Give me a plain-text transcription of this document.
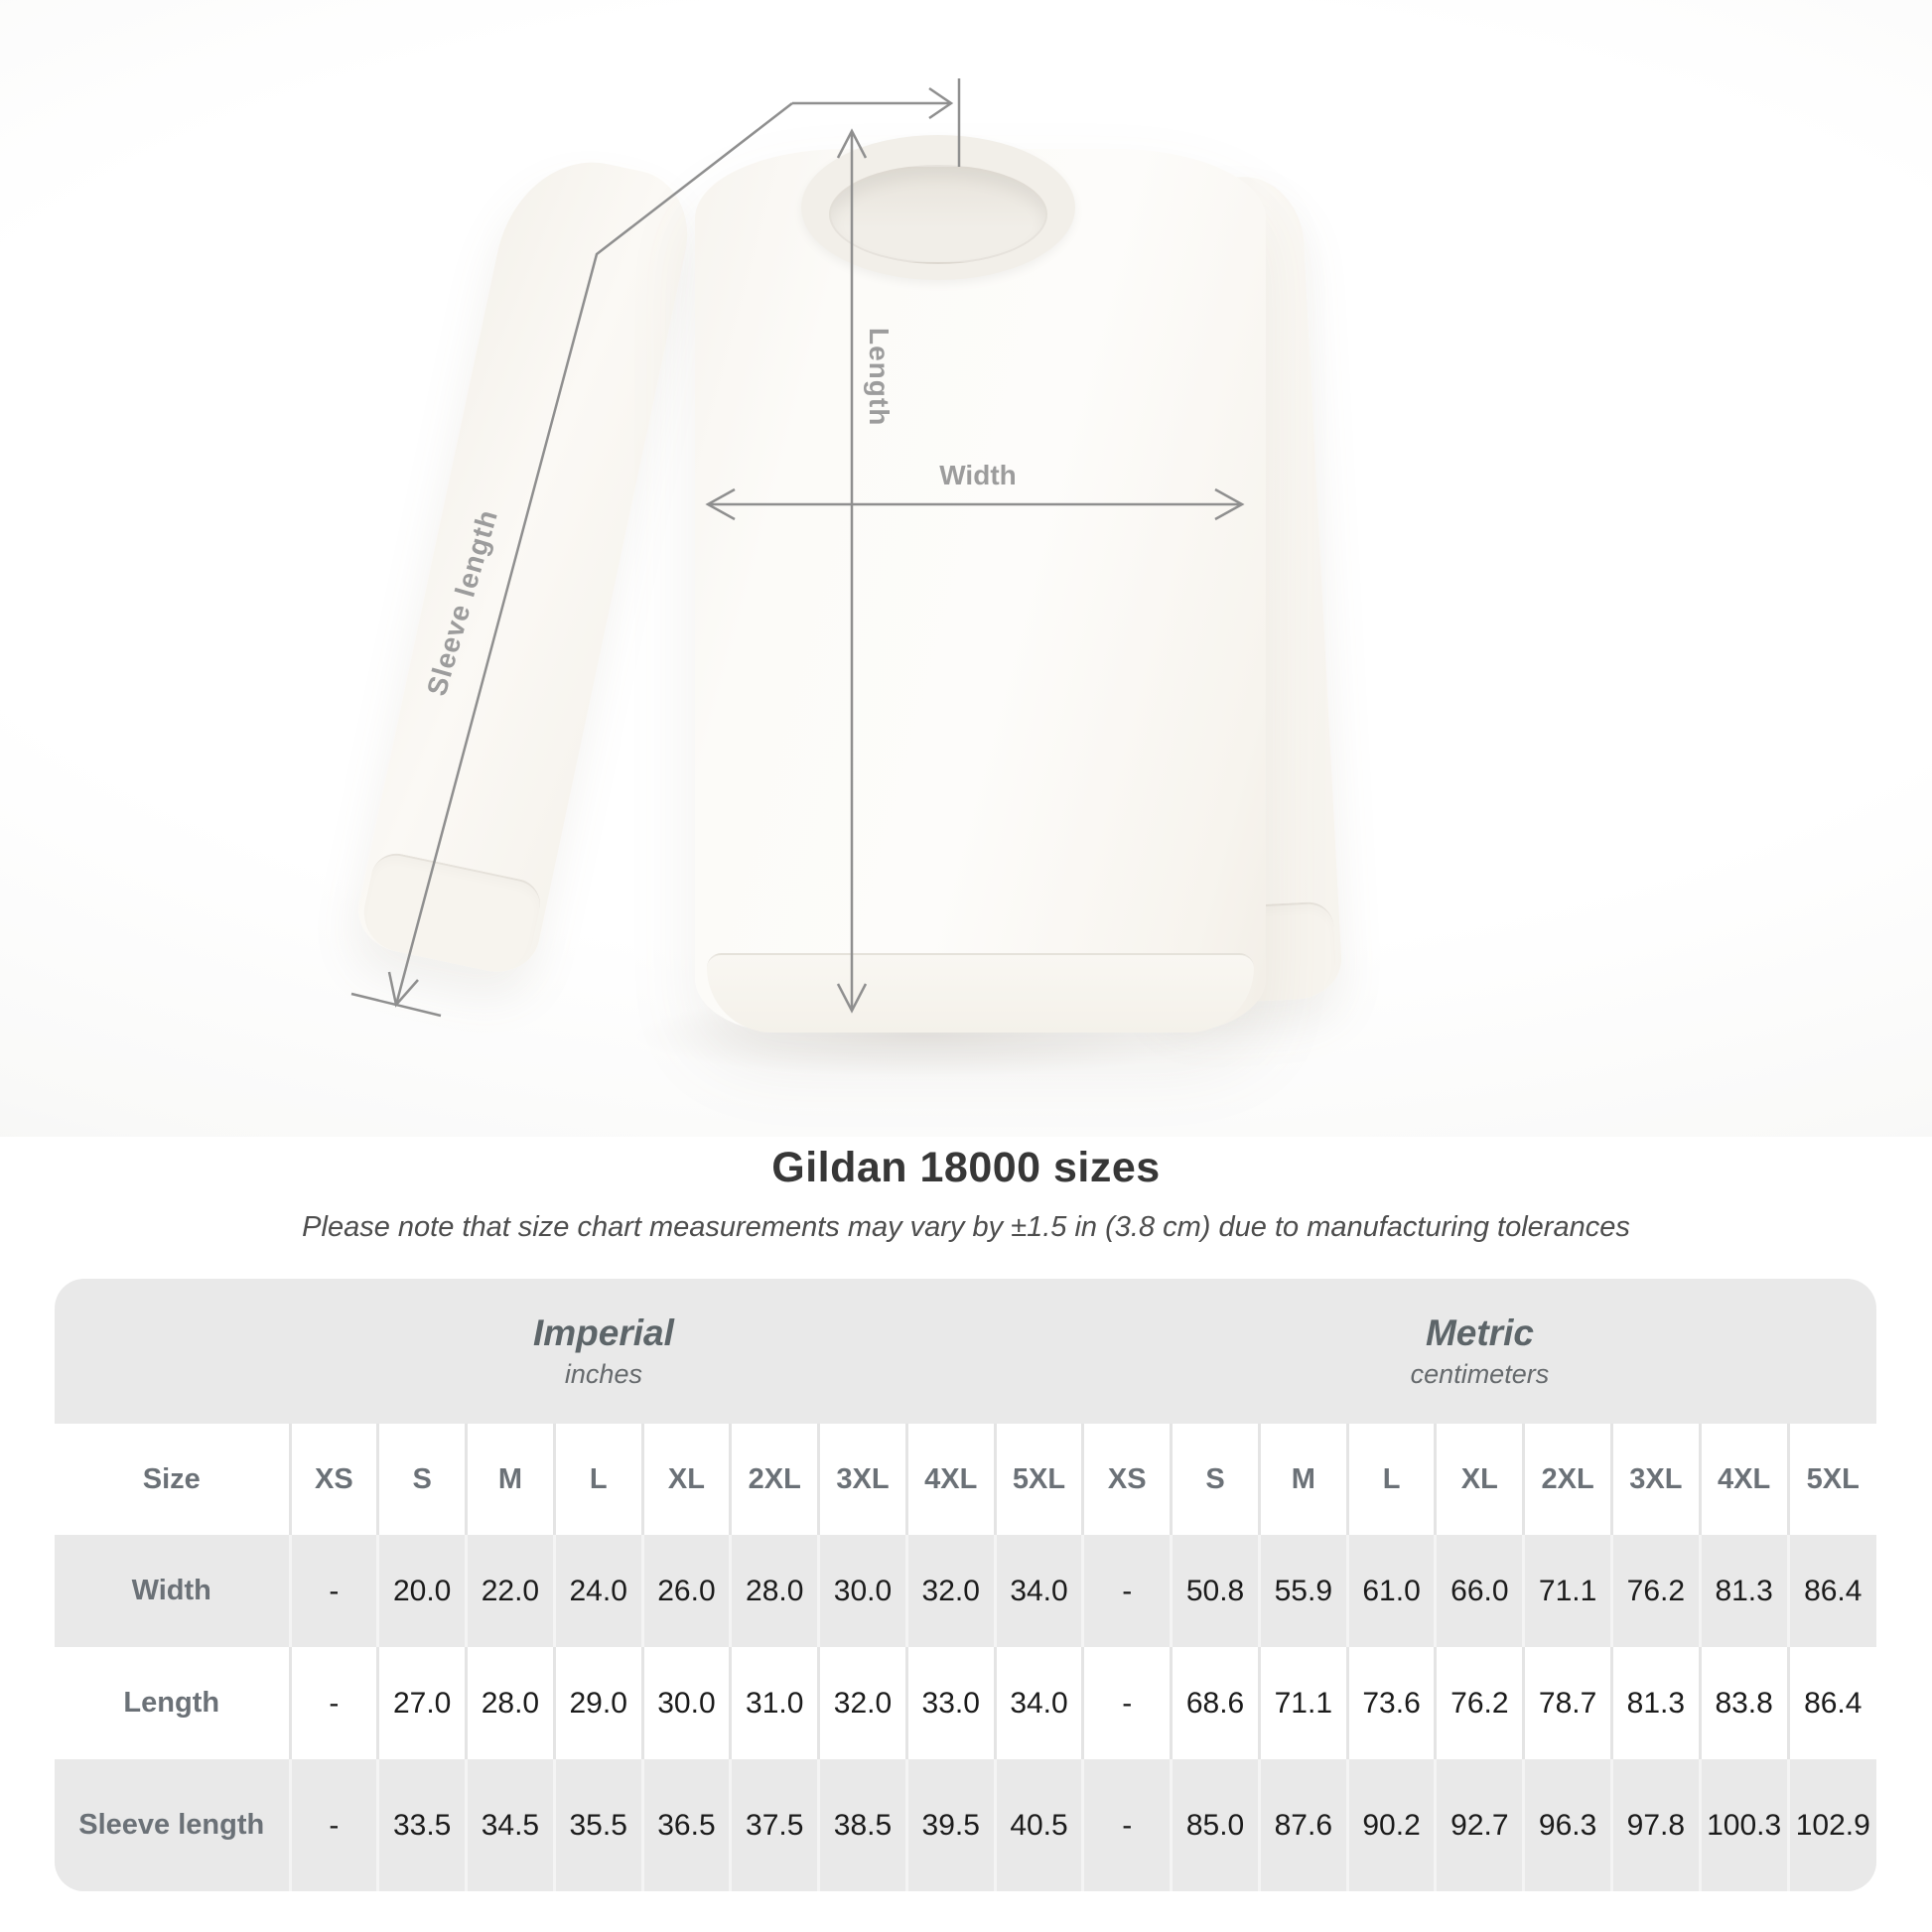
Length
Width
Sleeve length
Gildan 18000 sizes
Please note that size chart measurements may vary by ±1.5 in (3.8 cm) due to manufacturing tolerances
Imperial
inches

Metric
centimeters

Size	XS	S	M	L	XL	2XL	3XL	4XL	5XL	XS	S	M	L	XL	2XL	3XL	4XL	5XL
Width	-	20.0	22.0	24.0	26.0	28.0	30.0	32.0	34.0	-	50.8	55.9	61.0	66.0	71.1	76.2	81.3	86.4
Length	-	27.0	28.0	29.0	30.0	31.0	32.0	33.0	34.0	-	68.6	71.1	73.6	76.2	78.7	81.3	83.8	86.4
Sleeve length	-	33.5	34.5	35.5	36.5	37.5	38.5	39.5	40.5	-	85.0	87.6	90.2	92.7	96.3	97.8	100.3	102.9
